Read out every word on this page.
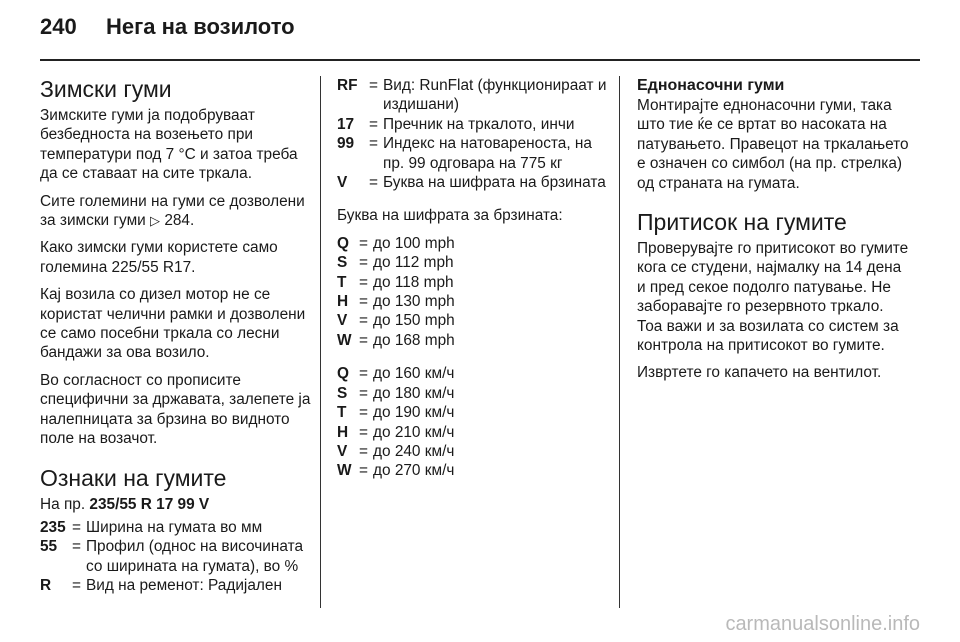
240 Нега на возилото
Зимски гуми

Зимските гуми ја подобруваат безбедноста на возењето при температури под 7 °C и затоа треба да се ставаат на сите тркала.

Сите големини на гуми се дозволени за зимски гуми ▷ 284.

Како зимски гуми користете само големина 225/55 R17.

Кај возила со дизел мотор не се користат челични рамки и дозволени се само посебни тркала со лесни бандажи за ова возило.

Во согласност со прописите специфични за државата, залепете ја налепницата за брзина во видното поле на возачот.

Ознаки на гумите

На пр. 235/55 R 17 99 V

235 = Ширина на гумата во мм
55 = Профил (однос на височината со ширината на гумата), во %
R	= Вид на ременот: Радијален
RF = Вид: RunFlat (функционираат и издишани)
17 = Пречник на тркалото, инчи
99 = Индекс на натовареноста, на пр. 99 одговара на 775 кг
V	= Буква на шифрата на брзината

Буква на шифрата за брзината:

Q = до 100 mph
S = до 112 mph
T = до 118 mph
H = до 130 mph
V = до 150 mph
W = до 168 mph
Q = до 160 км/ч
S = до 180 км/ч
T = до 190 км/ч
H = до 210 км/ч
V = до 240 км/ч
W = до 270 км/ч
Еднонасочни гуми

Монтирајте еднонасочни гуми, така што тие ќе се вртат во насоката на патувањето. Правецот на тркалањето е означен со симбол (на пр. стрелка) од страната на гумата.

Притисок на гумите

Проверувајте го притисокот во гумите кога се студени, најмалку на 14 дена и пред секое подолго патување. Не заборавајте го резервното тркало. Тоа важи и за возилата со систем за контрола на притисокот во гумите.

Извртете го капачето на вентилот.

carmanualsonline.info
